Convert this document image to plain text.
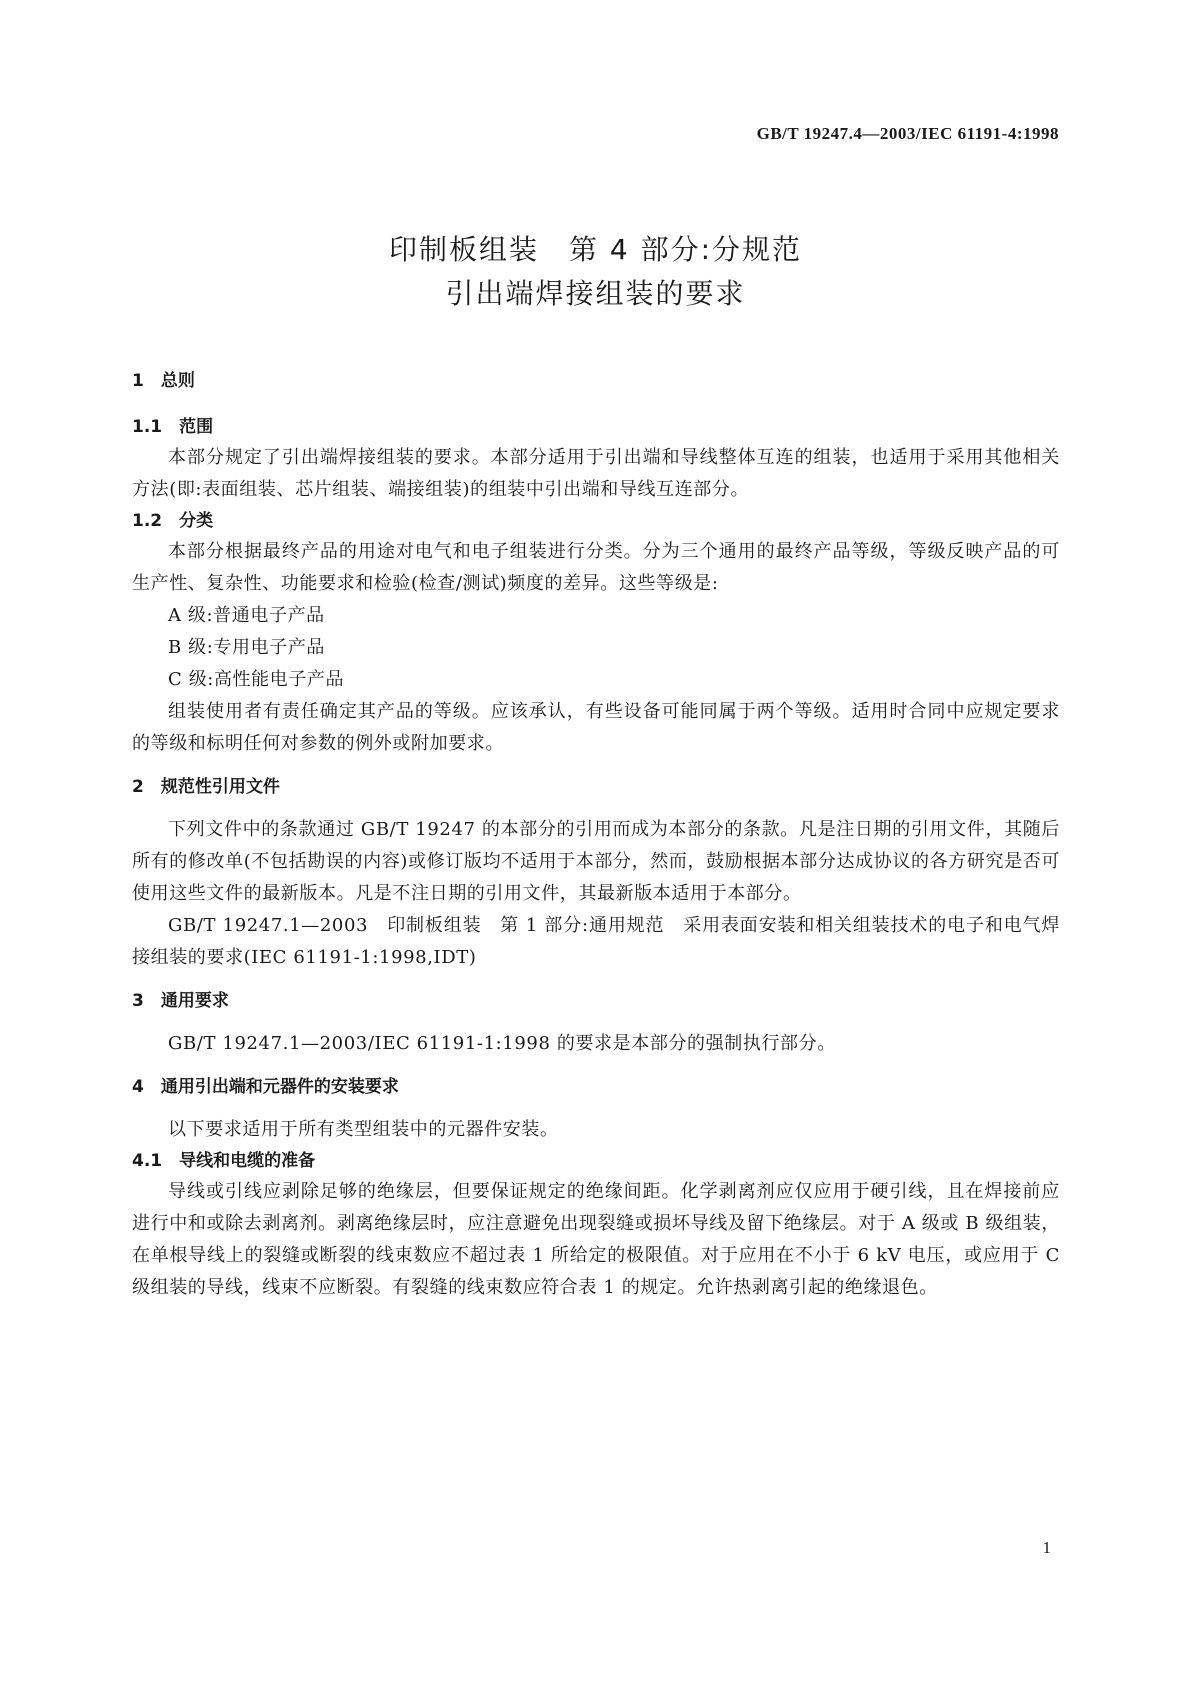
GB/T 19247.4—2003/IEC 61191-4:1998
印制板组装　第 4 部分:分规范
引出端焊接组装的要求
1　总则
1.1　范围
本部分规定了引出端焊接组装的要求。本部分适用于引出端和导线整体互连的组装，也适用于采用其他相关方法(即:表面组装、芯片组装、端接组装)的组装中引出端和导线互连部分。
1.2　分类
本部分根据最终产品的用途对电气和电子组装进行分类。分为三个通用的最终产品等级，等级反映产品的可生产性、复杂性、功能要求和检验(检查/测试)频度的差异。这些等级是:
A 级:普通电子产品
B 级:专用电子产品
C 级:高性能电子产品
组装使用者有责任确定其产品的等级。应该承认，有些设备可能同属于两个等级。适用时合同中应规定要求的等级和标明任何对参数的例外或附加要求。
2　规范性引用文件
下列文件中的条款通过 GB/T 19247 的本部分的引用而成为本部分的条款。凡是注日期的引用文件，其随后所有的修改单(不包括勘误的内容)或修订版均不适用于本部分，然而，鼓励根据本部分达成协议的各方研究是否可使用这些文件的最新版本。凡是不注日期的引用文件，其最新版本适用于本部分。
GB/T 19247.1—2003　印制板组装　第 1 部分:通用规范　采用表面安装和相关组装技术的电子和电气焊接组装的要求(IEC 61191-1:1998,IDT)
3　通用要求
GB/T 19247.1—2003/IEC 61191-1:1998 的要求是本部分的强制执行部分。
4　通用引出端和元器件的安装要求
以下要求适用于所有类型组装中的元器件安装。
4.1　导线和电缆的准备
导线或引线应剥除足够的绝缘层，但要保证规定的绝缘间距。化学剥离剂应仅应用于硬引线，且在焊接前应进行中和或除去剥离剂。剥离绝缘层时，应注意避免出现裂缝或损坏导线及留下绝缘层。对于 A 级或 B 级组装，在单根导线上的裂缝或断裂的线束数应不超过表 1 所给定的极限值。对于应用在不小于 6 kV 电压，或应用于 C 级组装的导线，线束不应断裂。有裂缝的线束数应符合表 1 的规定。允许热剥离引起的绝缘退色。
1
